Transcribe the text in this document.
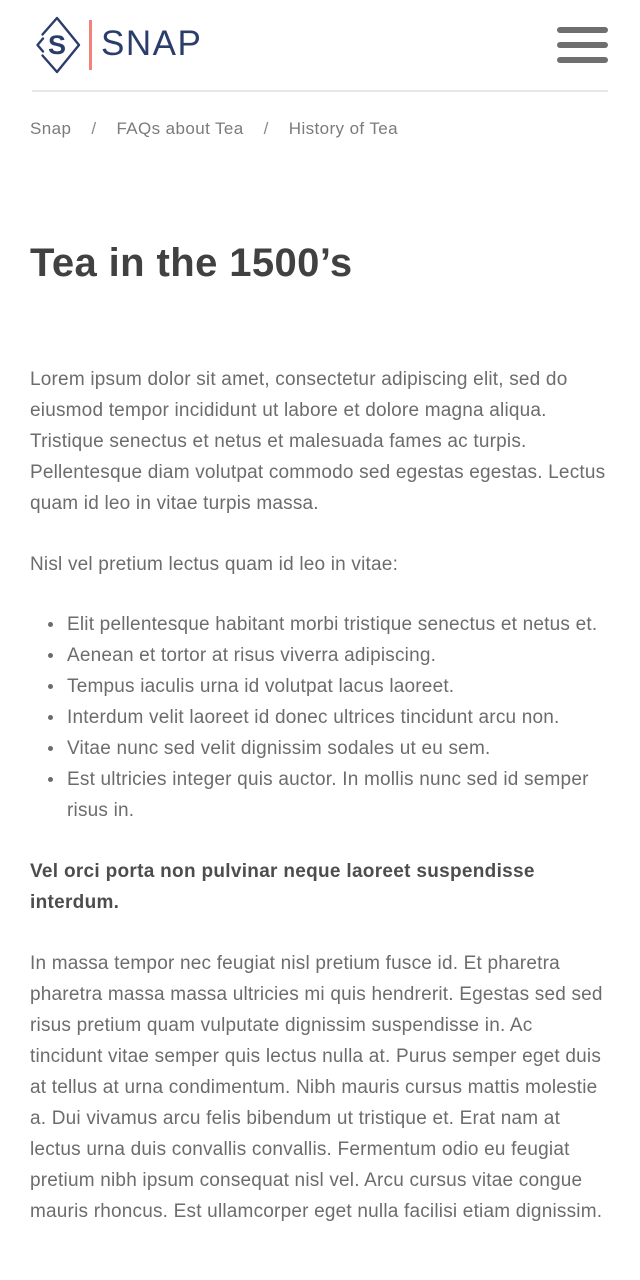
S SNAP
Snap / FAQs about Tea / History of Tea
Tea in the 1500’s

Lorem ipsum dolor sit amet, consectetur adipiscing elit, sed do eiusmod tempor incididunt ut labore et dolore magna aliqua. Tristique senectus et netus et malesuada fames ac turpis. Pellentesque diam volutpat commodo sed egestas egestas. Lectus quam id leo in vitae turpis massa.

Nisl vel pretium lectus quam id leo in vitae:

• Elit pellentesque habitant morbi tristique senectus et netus et.
• Aenean et tortor at risus viverra adipiscing.
• Tempus iaculis urna id volutpat lacus laoreet.
• Interdum velit laoreet id donec ultrices tincidunt arcu non.
• Vitae nunc sed velit dignissim sodales ut eu sem.
• Est ultricies integer quis auctor. In mollis nunc sed id semper risus in.

Vel orci porta non pulvinar neque laoreet suspendisse interdum.

In massa tempor nec feugiat nisl pretium fusce id. Et pharetra pharetra massa massa ultricies mi quis hendrerit. Egestas sed sed risus pretium quam vulputate dignissim suspendisse in. Ac tincidunt vitae semper quis lectus nulla at. Purus semper eget duis at tellus at urna condimentum. Nibh mauris cursus mattis molestie a. Dui vivamus arcu felis bibendum ut tristique et. Erat nam at lectus urna duis convallis convallis. Fermentum odio eu feugiat pretium nibh ipsum consequat nisl vel. Arcu cursus vitae congue mauris rhoncus. Est ullamcorper eget nulla facilisi etiam dignissim.
